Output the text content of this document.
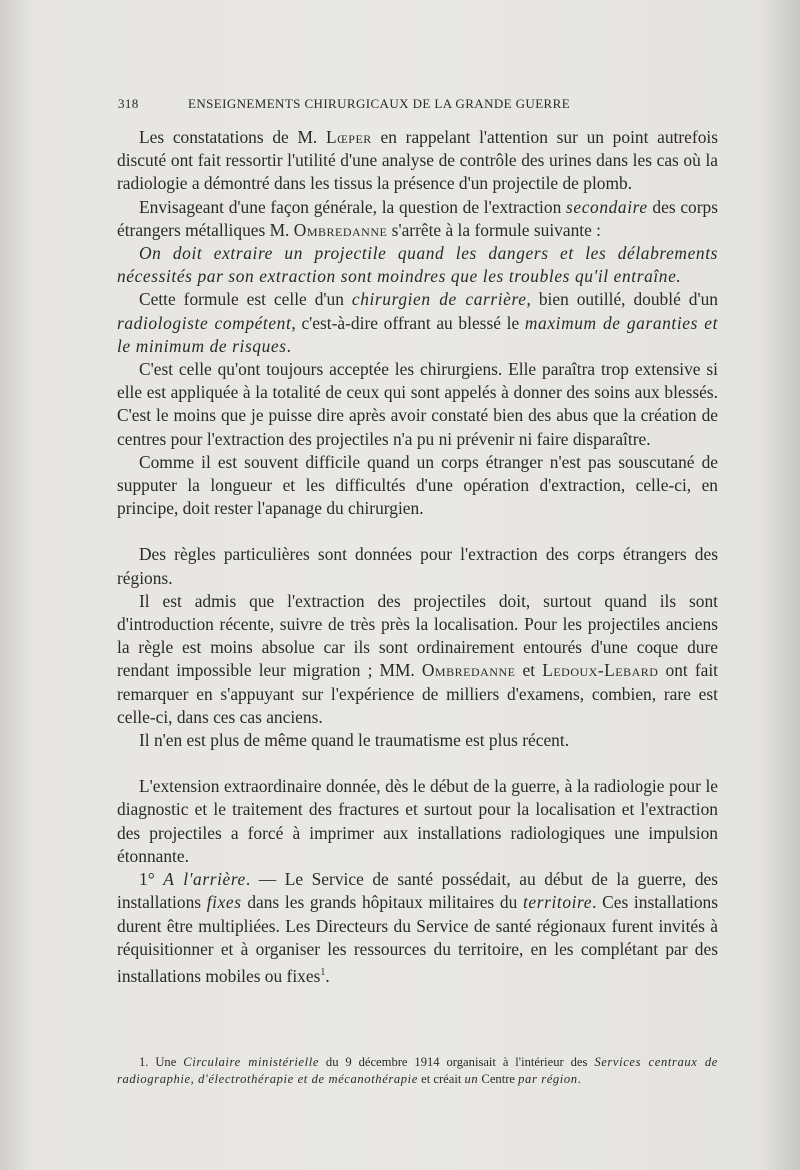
318	ENSEIGNEMENTS CHIRURGICAUX DE LA GRANDE GUERRE

Les constatations de M. Lœper en rappelant l'attention sur un point autrefois discuté ont fait ressortir l'utilité d'une analyse de contrôle des urines dans les cas où la radiologie a démontré dans les tissus la présence d'un projectile de plomb.

Envisageant d'une façon générale, la question de l'extraction secondaire des corps étrangers métalliques M. Ombredanne s'arrête à la formule suivante :

On doit extraire un projectile quand les dangers et les délabrements nécessités par son extraction sont moindres que les troubles qu'il entraîne.

Cette formule est celle d'un chirurgien de carrière, bien outillé, doublé d'un radiologiste compétent, c'est-à-dire offrant au blessé le maximum de garanties et le minimum de risques.

C'est celle qu'ont toujours acceptée les chirurgiens. Elle paraîtra trop extensive si elle est appliquée à la totalité de ceux qui sont appelés à donner des soins aux blessés. C'est le moins que je puisse dire après avoir constaté bien des abus que la création de centres pour l'extraction des projectiles n'a pu ni prévenir ni faire disparaître.

Comme il est souvent difficile quand un corps étranger n'est pas souscutané de supputer la longueur et les difficultés d'une opération d'extraction, celle-ci, en principe, doit rester l'apanage du chirurgien.

Des règles particulières sont données pour l'extraction des corps étrangers des régions.

Il est admis que l'extraction des projectiles doit, surtout quand ils sont d'introduction récente, suivre de très près la localisation. Pour les projectiles anciens la règle est moins absolue car ils sont ordinairement entourés d'une coque dure rendant impossible leur migration ; MM. Ombredanne et Ledoux-Lebard ont fait remarquer en s'appuyant sur l'expérience de milliers d'examens, combien, rare est celle-ci, dans ces cas anciens.

Il n'en est plus de même quand le traumatisme est plus récent.

L'extension extraordinaire donnée, dès le début de la guerre, à la radiologie pour le diagnostic et le traitement des fractures et surtout pour la localisation et l'extraction des projectiles a forcé à imprimer aux installations radiologiques une impulsion étonnante.

1° A l'arrière. — Le Service de santé possédait, au début de la guerre, des installations fixes dans les grands hôpitaux militaires du territoire. Ces installations durent être multipliées. Les Directeurs du Service de santé régionaux furent invités à réquisitionner et à organiser les ressources du territoire, en les complétant par des installations mobiles ou fixes$^1$.

1. Une Circulaire ministérielle du 9 décembre 1914 organisait à l'intérieur des Services centraux de radiographie, d'électrothérapie et de mécanothérapie et créait un Centre par région.
